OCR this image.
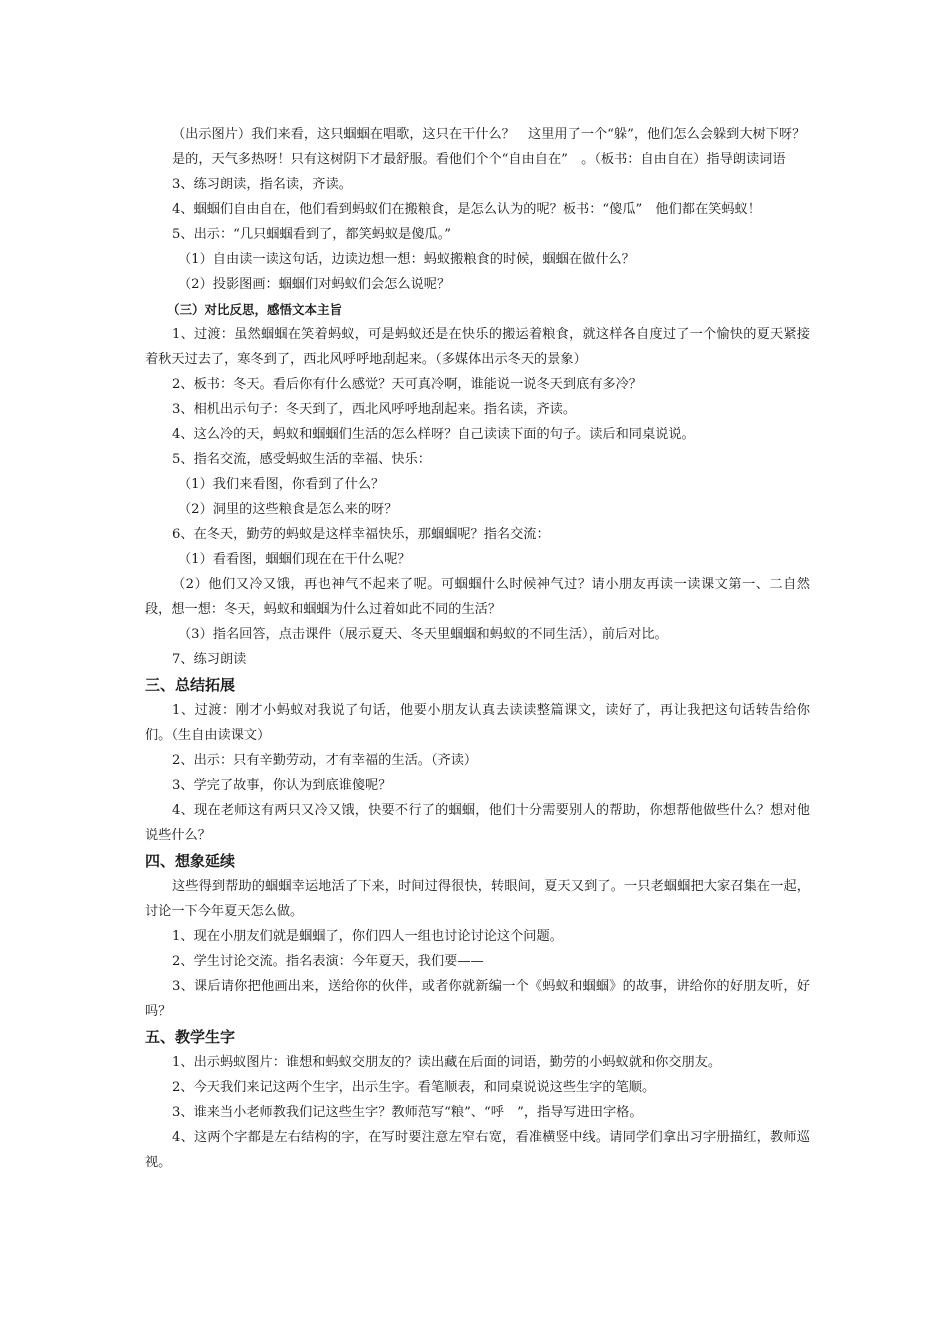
（出示图片）我们来看，这只蝈蝈在唱歌，这只在干什么？　这里用了一个“躲”，他们怎么会躲到大树下呀？

是的，天气多热呀！只有这树阴下才最舒服。看他们个个“自由自在”　。（板书：自由自在）指导朗读词语

3、练习朗读，指名读，齐读。

4、蝈蝈们自由自在，他们看到蚂蚁们在搬粮食，是怎么认为的呢？板书：“傻瓜”　他们都在笑蚂蚁！

5、出示：“几只蝈蝈看到了，都笑蚂蚁是傻瓜。”

（1）自由读一读这句话，边读边想一想：蚂蚁搬粮食的时候，蝈蝈在做什么？

（2）投影图画：蝈蝈们对蚂蚁们会怎么说呢？

（三）对比反思，感悟文本主旨

1、过渡：虽然蝈蝈在笑着蚂蚁，可是蚂蚁还是在快乐的搬运着粮食，就这样各自度过了一个愉快的夏天紧接着秋天过去了，寒冬到了，西北风呼呼地刮起来。（多媒体出示冬天的景象）

2、板书：冬天。看后你有什么感觉？天可真冷啊，谁能说一说冬天到底有多冷？

3、相机出示句子：冬天到了，西北风呼呼地刮起来。指名读，齐读。

4、这么冷的天，蚂蚁和蝈蝈们生活的怎么样呀？自己读读下面的句子。读后和同桌说说。

5、指名交流，感受蚂蚁生活的幸福、快乐：

（1）我们来看图，你看到了什么？

（2）洞里的这些粮食是怎么来的呀？

6、在冬天，勤劳的蚂蚁是这样幸福快乐，那蝈蝈呢？指名交流：

（1）看看图，蝈蝈们现在在干什么呢？

（2）他们又冷又饿，再也神气不起来了呢。可蝈蝈什么时候神气过？请小朋友再读一读课文第一、二自然段，想一想：冬天，蚂蚁和蝈蝈为什么过着如此不同的生活？

（3）指名回答，点击课件（展示夏天、冬天里蝈蝈和蚂蚁的不同生活），前后对比。

7、练习朗读

三、总结拓展

1、过渡：刚才小蚂蚁对我说了句话，他要小朋友认真去读读整篇课文，读好了，再让我把这句话转告给你们。（生自由读课文）

2、出示：只有辛勤劳动，才有幸福的生活。（齐读）

3、学完了故事，你认为到底谁傻呢？

4、现在老师这有两只又冷又饿，快要不行了的蝈蝈，他们十分需要别人的帮助，你想帮他做些什么？想对他说些什么？

四、想象延续

这些得到帮助的蝈蝈幸运地活了下来，时间过得很快，转眼间，夏天又到了。一只老蝈蝈把大家召集在一起，讨论一下今年夏天怎么做。

1、现在小朋友们就是蝈蝈了，你们四人一组也讨论讨论这个问题。

2、学生讨论交流。指名表演：今年夏天，我们要——

3、课后请你把他画出来，送给你的伙伴，或者你就新编一个《蚂蚁和蝈蝈》的故事，讲给你的好朋友听，好吗？

五、教学生字

1、出示蚂蚁图片：谁想和蚂蚁交朋友的？读出藏在后面的词语，勤劳的小蚂蚁就和你交朋友。

2、今天我们来记这两个生字，出示生字。看笔顺表，和同桌说说这些生字的笔顺。

3、谁来当小老师教我们记这些生字？教师范写“粮”、“呼　”，指导写进田字格。

4、这两个字都是左右结构的字，在写时要注意左窄右宽，看准横竖中线。请同学们拿出习字册描红，教师巡视。
